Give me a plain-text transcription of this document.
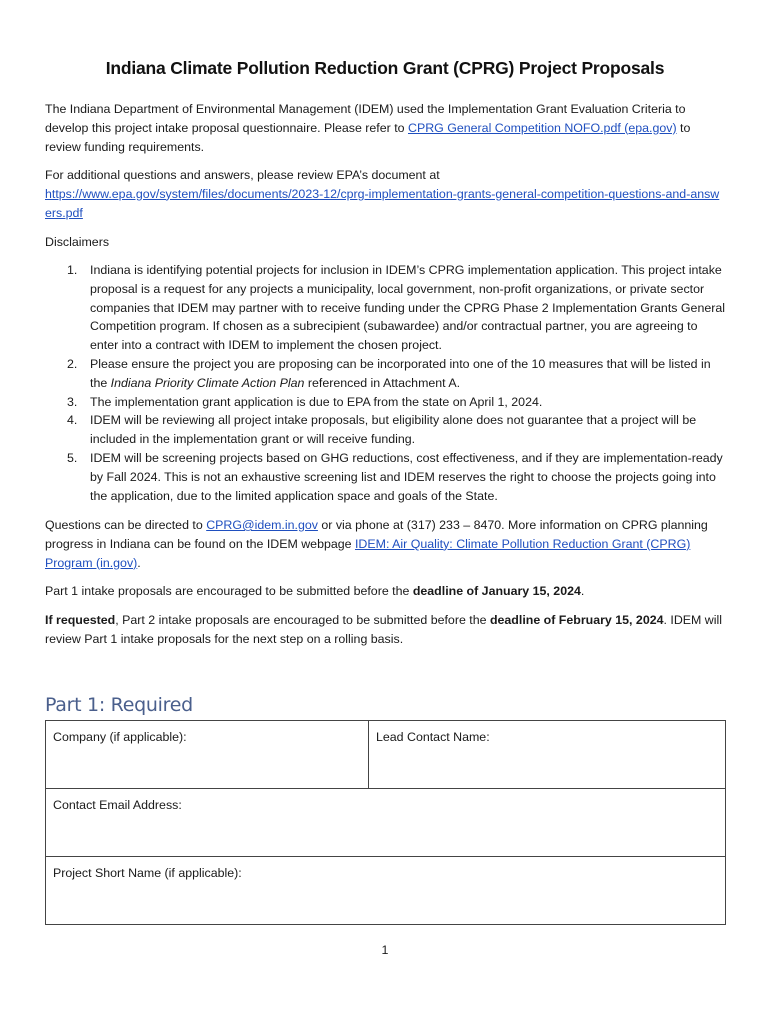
Indiana Climate Pollution Reduction Grant (CPRG) Project Proposals

The Indiana Department of Environmental Management (IDEM) used the Implementation Grant Evaluation Criteria to develop this project intake proposal questionnaire. Please refer to CPRG General Competition NOFO.pdf (epa.gov) to review funding requirements.

For additional questions and answers, please review EPA’s document at
https://www.epa.gov/system/files/documents/2023-12/cprg-implementation-grants-general-competition-questions-and-answers.pdf

Disclaimers

1. Indiana is identifying potential projects for inclusion in IDEM’s CPRG implementation application. This project intake proposal is a request for any projects a municipality, local government, non-profit organizations, or private sector companies that IDEM may partner with to receive funding under the CPRG Phase 2 Implementation Grants General Competition program. If chosen as a subrecipient (subawardee) and/or contractual partner, you are agreeing to enter into a contract with IDEM to implement the chosen project.
2. Please ensure the project you are proposing can be incorporated into one of the 10 measures that will be listed in the Indiana Priority Climate Action Plan referenced in Attachment A.
3. The implementation grant application is due to EPA from the state on April 1, 2024.
4. IDEM will be reviewing all project intake proposals, but eligibility alone does not guarantee that a project will be included in the implementation grant or will receive funding.
5. IDEM will be screening projects based on GHG reductions, cost effectiveness, and if they are implementation-ready by Fall 2024. This is not an exhaustive screening list and IDEM reserves the right to choose the projects going into the application, due to the limited application space and goals of the State.

Questions can be directed to CPRG@idem.in.gov or via phone at (317) 233 – 8470. More information on CPRG planning progress in Indiana can be found on the IDEM webpage IDEM: Air Quality: Climate Pollution Reduction Grant (CPRG) Program (in.gov).

Part 1 intake proposals are encouraged to be submitted before the deadline of January 15, 2024.

If requested, Part 2 intake proposals are encouraged to be submitted before the deadline of February 15, 2024. IDEM will review Part 1 intake proposals for the next step on a rolling basis.

Part 1: Required
Company (if applicable):	Lead Contact Name:
Contact Email Address:
Project Short Name (if applicable):
1
